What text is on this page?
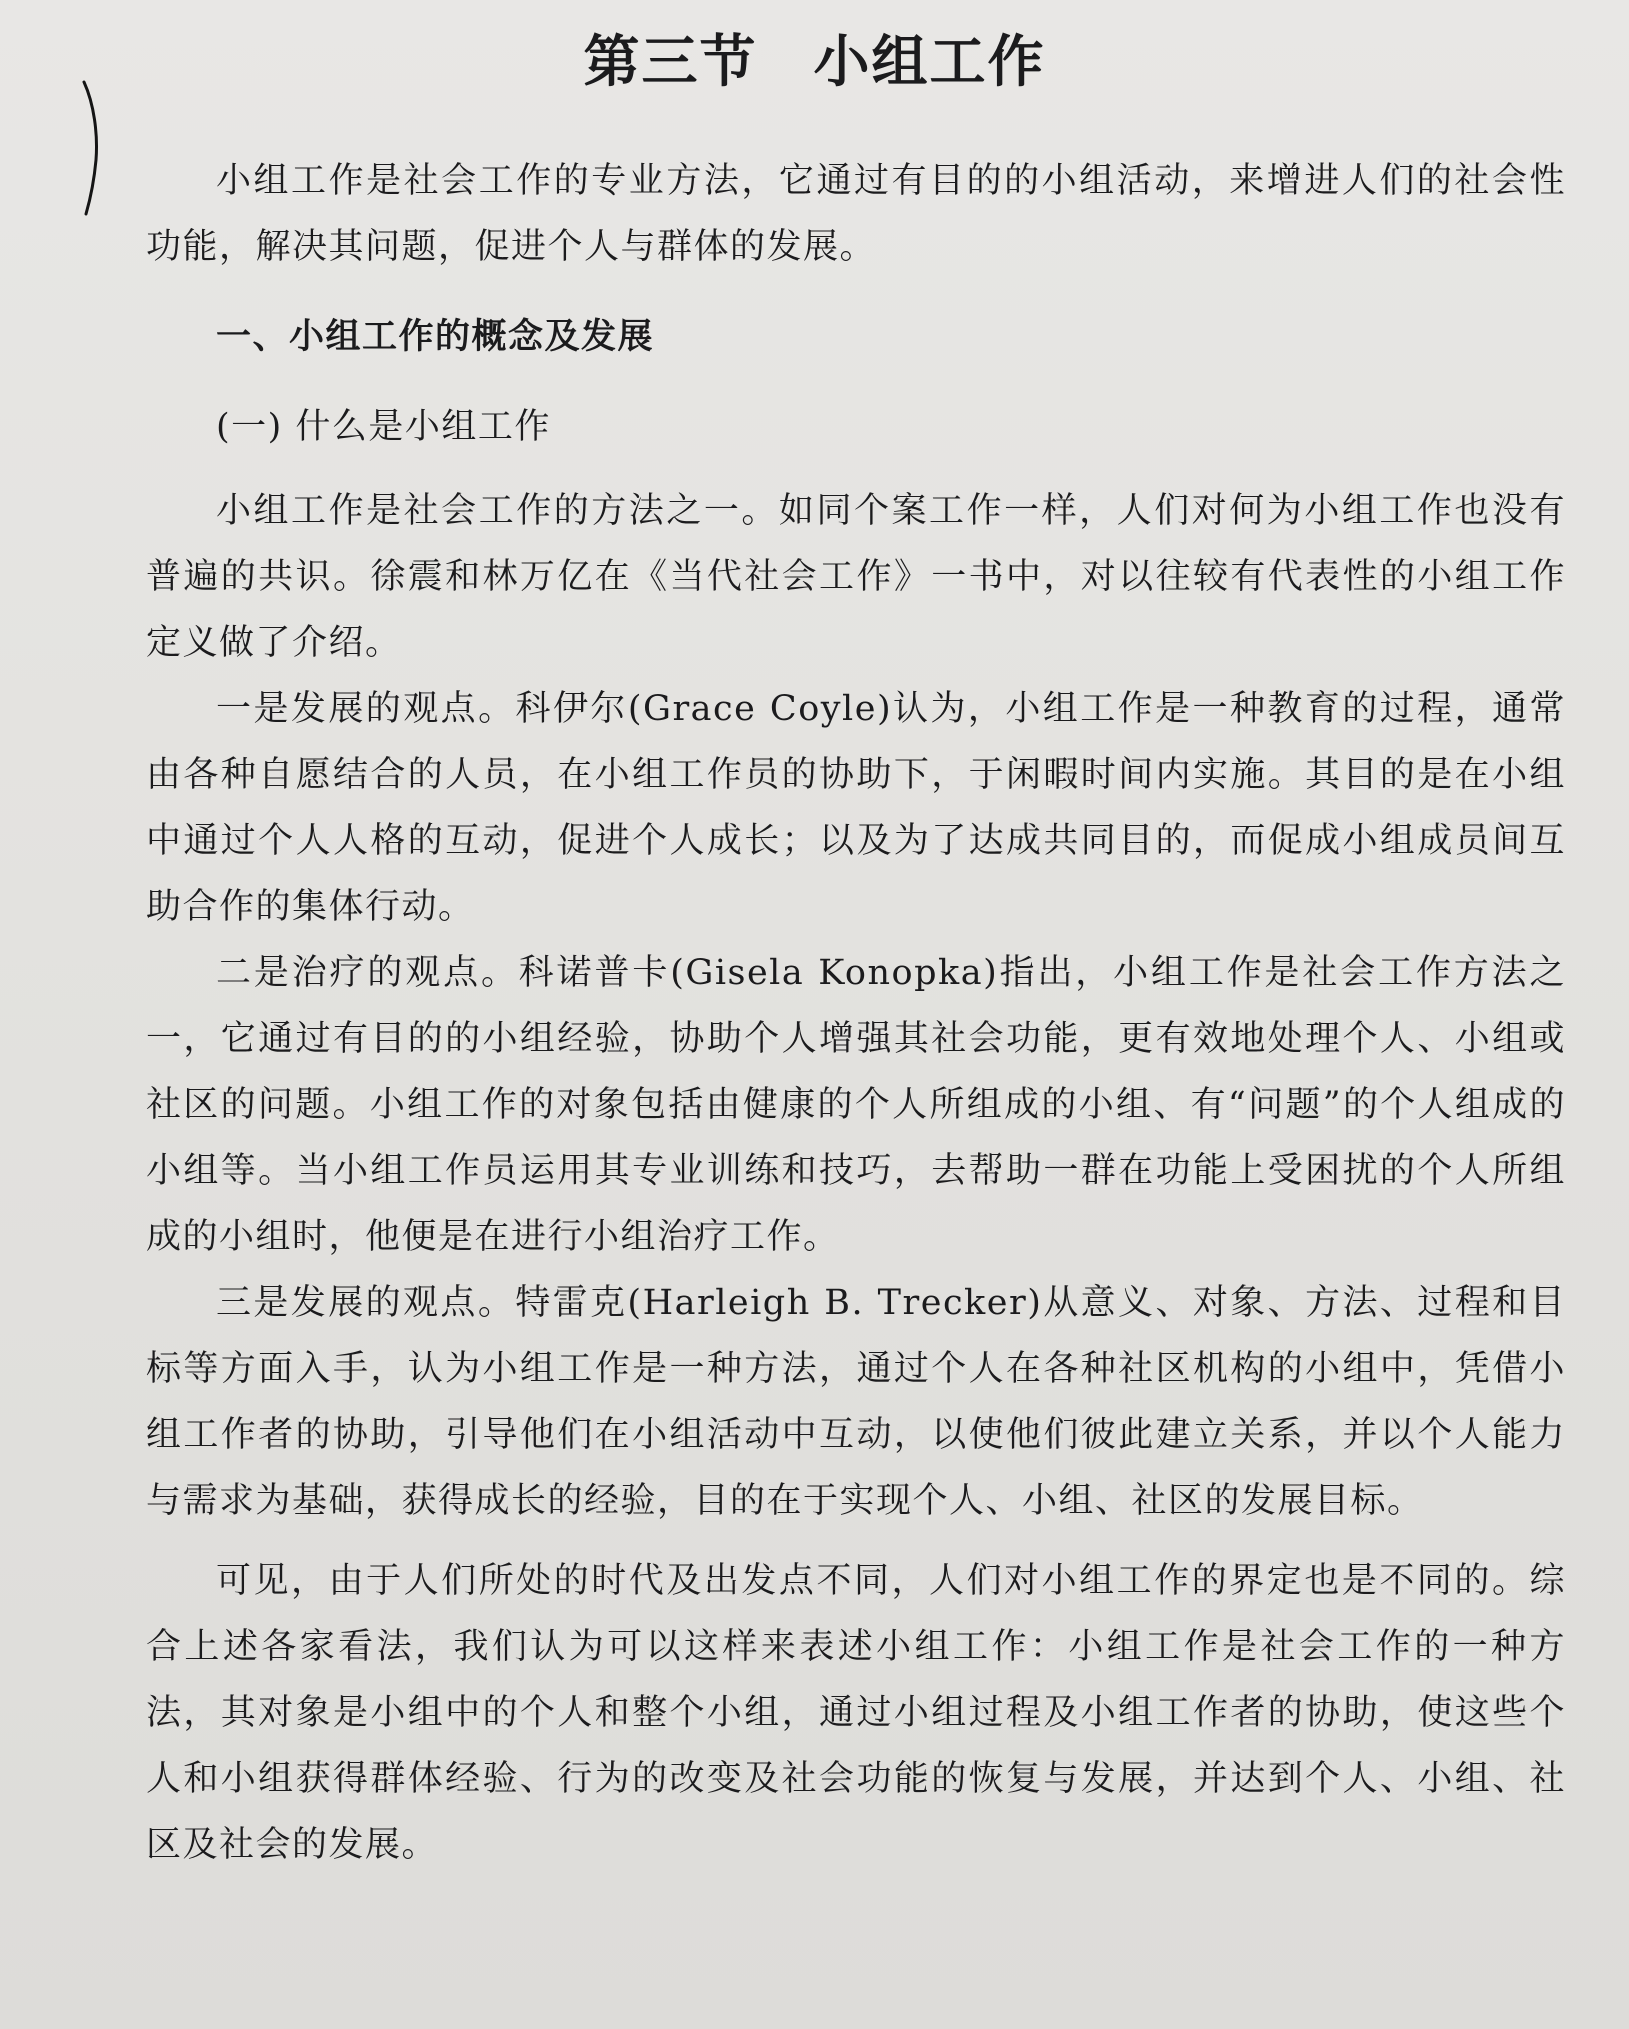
第三节 小组工作

小组工作是社会工作的专业方法，它通过有目的的小组活动，来增进人们的社会性功能，解决其问题，促进个人与群体的发展。

一、小组工作的概念及发展

(一) 什么是小组工作

小组工作是社会工作的方法之一。如同个案工作一样，人们对何为小组工作也没有普遍的共识。徐震和林万亿在《当代社会工作》一书中，对以往较有代表性的小组工作定义做了介绍。

一是发展的观点。科伊尔(Grace Coyle)认为，小组工作是一种教育的过程，通常由各种自愿结合的人员，在小组工作员的协助下，于闲暇时间内实施。其目的是在小组中通过个人人格的互动，促进个人成长；以及为了达成共同目的，而促成小组成员间互助合作的集体行动。

二是治疗的观点。科诺普卡(Gisela Konopka)指出，小组工作是社会工作方法之一，它通过有目的的小组经验，协助个人增强其社会功能，更有效地处理个人、小组或社区的问题。小组工作的对象包括由健康的个人所组成的小组、有“问题”的个人组成的小组等。当小组工作员运用其专业训练和技巧，去帮助一群在功能上受困扰的个人所组成的小组时，他便是在进行小组治疗工作。

三是发展的观点。特雷克(Harleigh B. Trecker)从意义、对象、方法、过程和目标等方面入手，认为小组工作是一种方法，通过个人在各种社区机构的小组中，凭借小组工作者的协助，引导他们在小组活动中互动，以使他们彼此建立关系，并以个人能力与需求为基础，获得成长的经验，目的在于实现个人、小组、社区的发展目标。

可见，由于人们所处的时代及出发点不同，人们对小组工作的界定也是不同的。综合上述各家看法，我们认为可以这样来表述小组工作：小组工作是社会工作的一种方法，其对象是小组中的个人和整个小组，通过小组过程及小组工作者的协助，使这些个人和小组获得群体经验、行为的改变及社会功能的恢复与发展，并达到个人、小组、社区及社会的发展。
